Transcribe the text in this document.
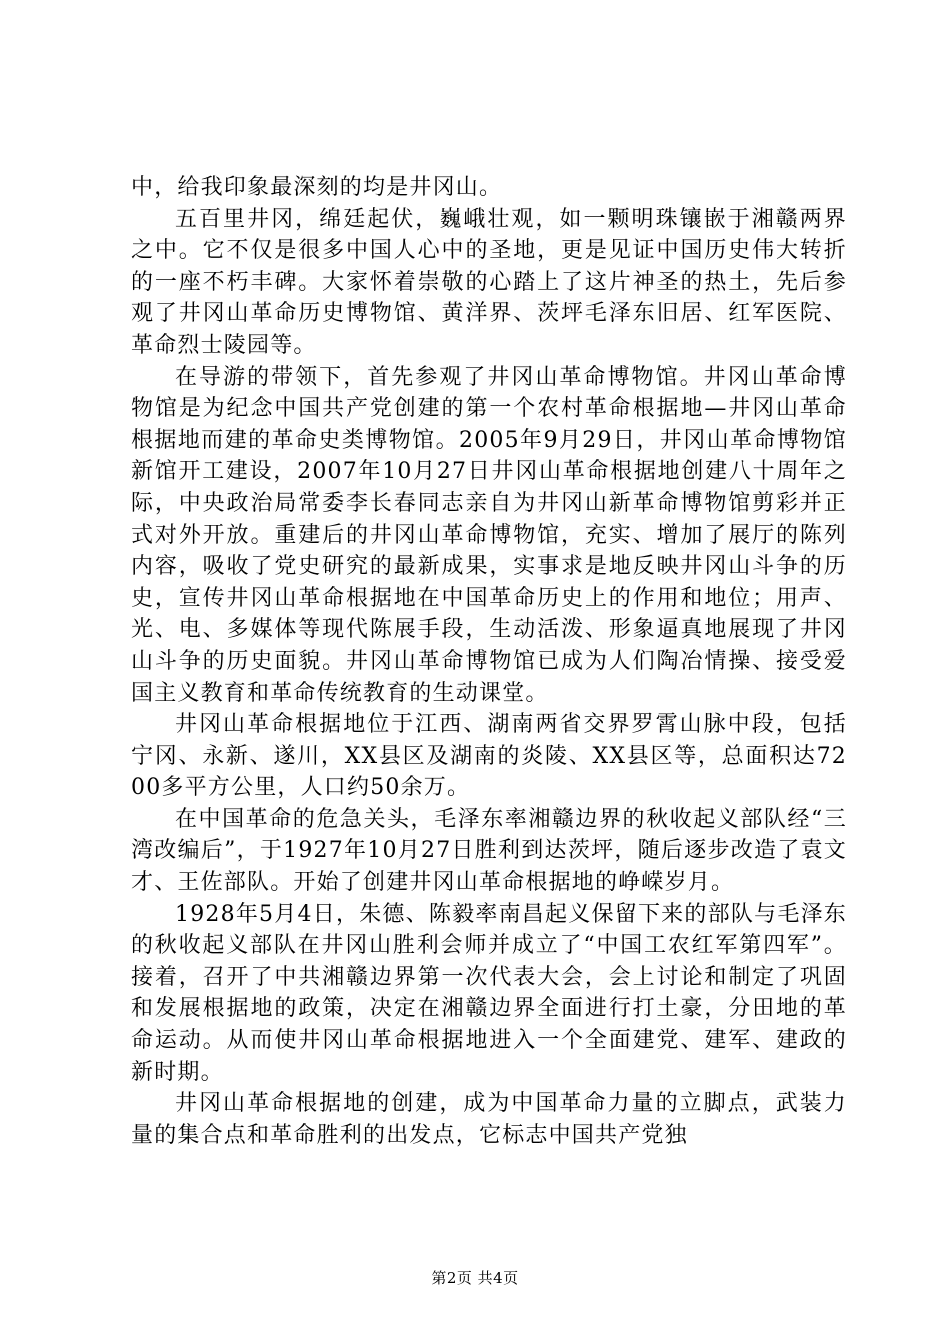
中，给我印象最深刻的均是井冈山。

五百里井冈，绵廷起伏，巍峨壮观，如一颗明珠镶嵌于湘赣两界之中。它不仅是很多中国人心中的圣地，更是见证中国历史伟大转折的一座不朽丰碑。大家怀着崇敬的心踏上了这片神圣的热土，先后参观了井冈山革命历史博物馆、黄洋界、茨坪毛泽东旧居、红军医院、革命烈士陵园等。

在导游的带领下，首先参观了井冈山革命博物馆。井冈山革命博物馆是为纪念中国共产党创建的第一个农村革命根据地—井冈山革命根据地而建的革命史类博物馆。2005年9月29日，井冈山革命博物馆新馆开工建设，2007年10月27日井冈山革命根据地创建八十周年之际，中央政治局常委李长春同志亲自为井冈山新革命博物馆剪彩并正式对外开放。重建后的井冈山革命博物馆，充实、增加了展厅的陈列内容，吸收了党史研究的最新成果，实事求是地反映井冈山斗争的历史，宣传井冈山革命根据地在中国革命历史上的作用和地位；用声、光、电、多媒体等现代陈展手段，生动活泼、形象逼真地展现了井冈山斗争的历史面貌。井冈山革命博物馆已成为人们陶冶情操、接受爱国主义教育和革命传统教育的生动课堂。

井冈山革命根据地位于江西、湖南两省交界罗霄山脉中段，包括宁冈、永新、遂川，XX县区及湖南的炎陵、XX县区等，总面积达7200多平方公里，人口约50余万。

在中国革命的危急关头，毛泽东率湘赣边界的秋收起义部队经“三湾改编后”，于1927年10月27日胜利到达茨坪，随后逐步改造了袁文才、王佐部队。开始了创建井冈山革命根据地的峥嵘岁月。

1928年5月4日，朱德、陈毅率南昌起义保留下来的部队与毛泽东的秋收起义部队在井冈山胜利会师并成立了“中国工农红军第四军”。接着，召开了中共湘赣边界第一次代表大会，会上讨论和制定了巩固和发展根据地的政策，决定在湘赣边界全面进行打土豪，分田地的革命运动。从而使井冈山革命根据地进入一个全面建党、建军、建政的新时期。

井冈山革命根据地的创建，成为中国革命力量的立脚点，武装力量的集合点和革命胜利的出发点，它标志中国共产党独

第2页 共4页
